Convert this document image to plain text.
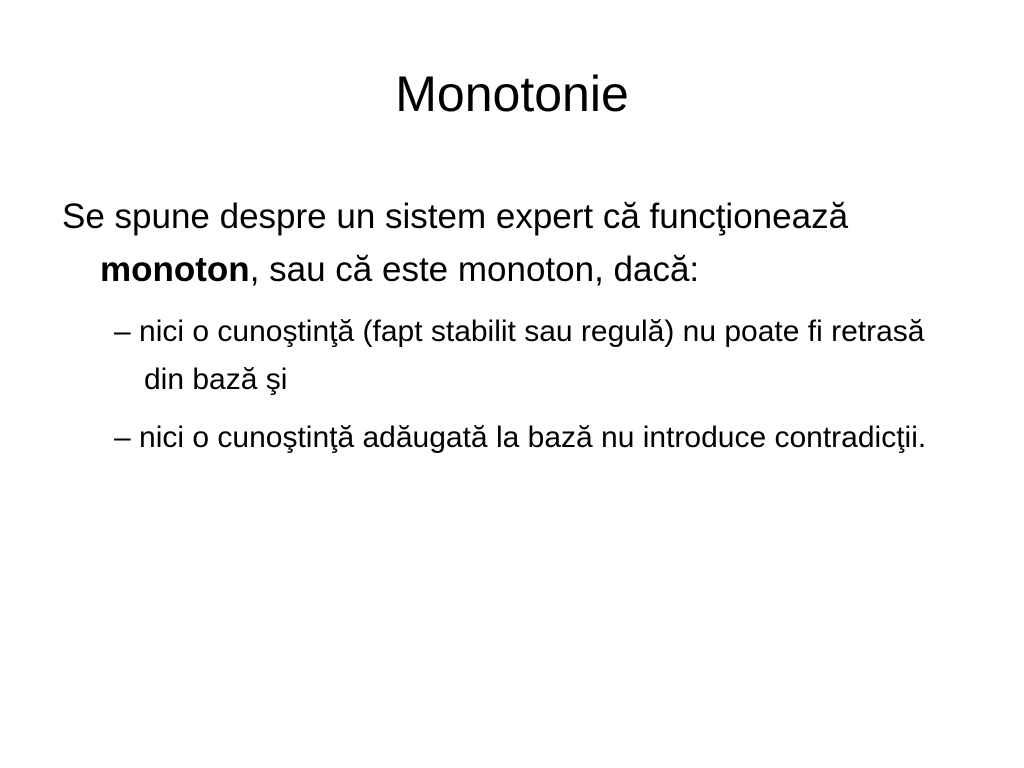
Monotonie

Se spune despre un sistem expert că funcţionează monoton, sau că este monoton, dacă:

– nici o cunoştinţă (fapt stabilit sau regulă) nu poate fi retrasă din bază şi

– nici o cunoştinţă adăugată la bază nu introduce contradicţii.
